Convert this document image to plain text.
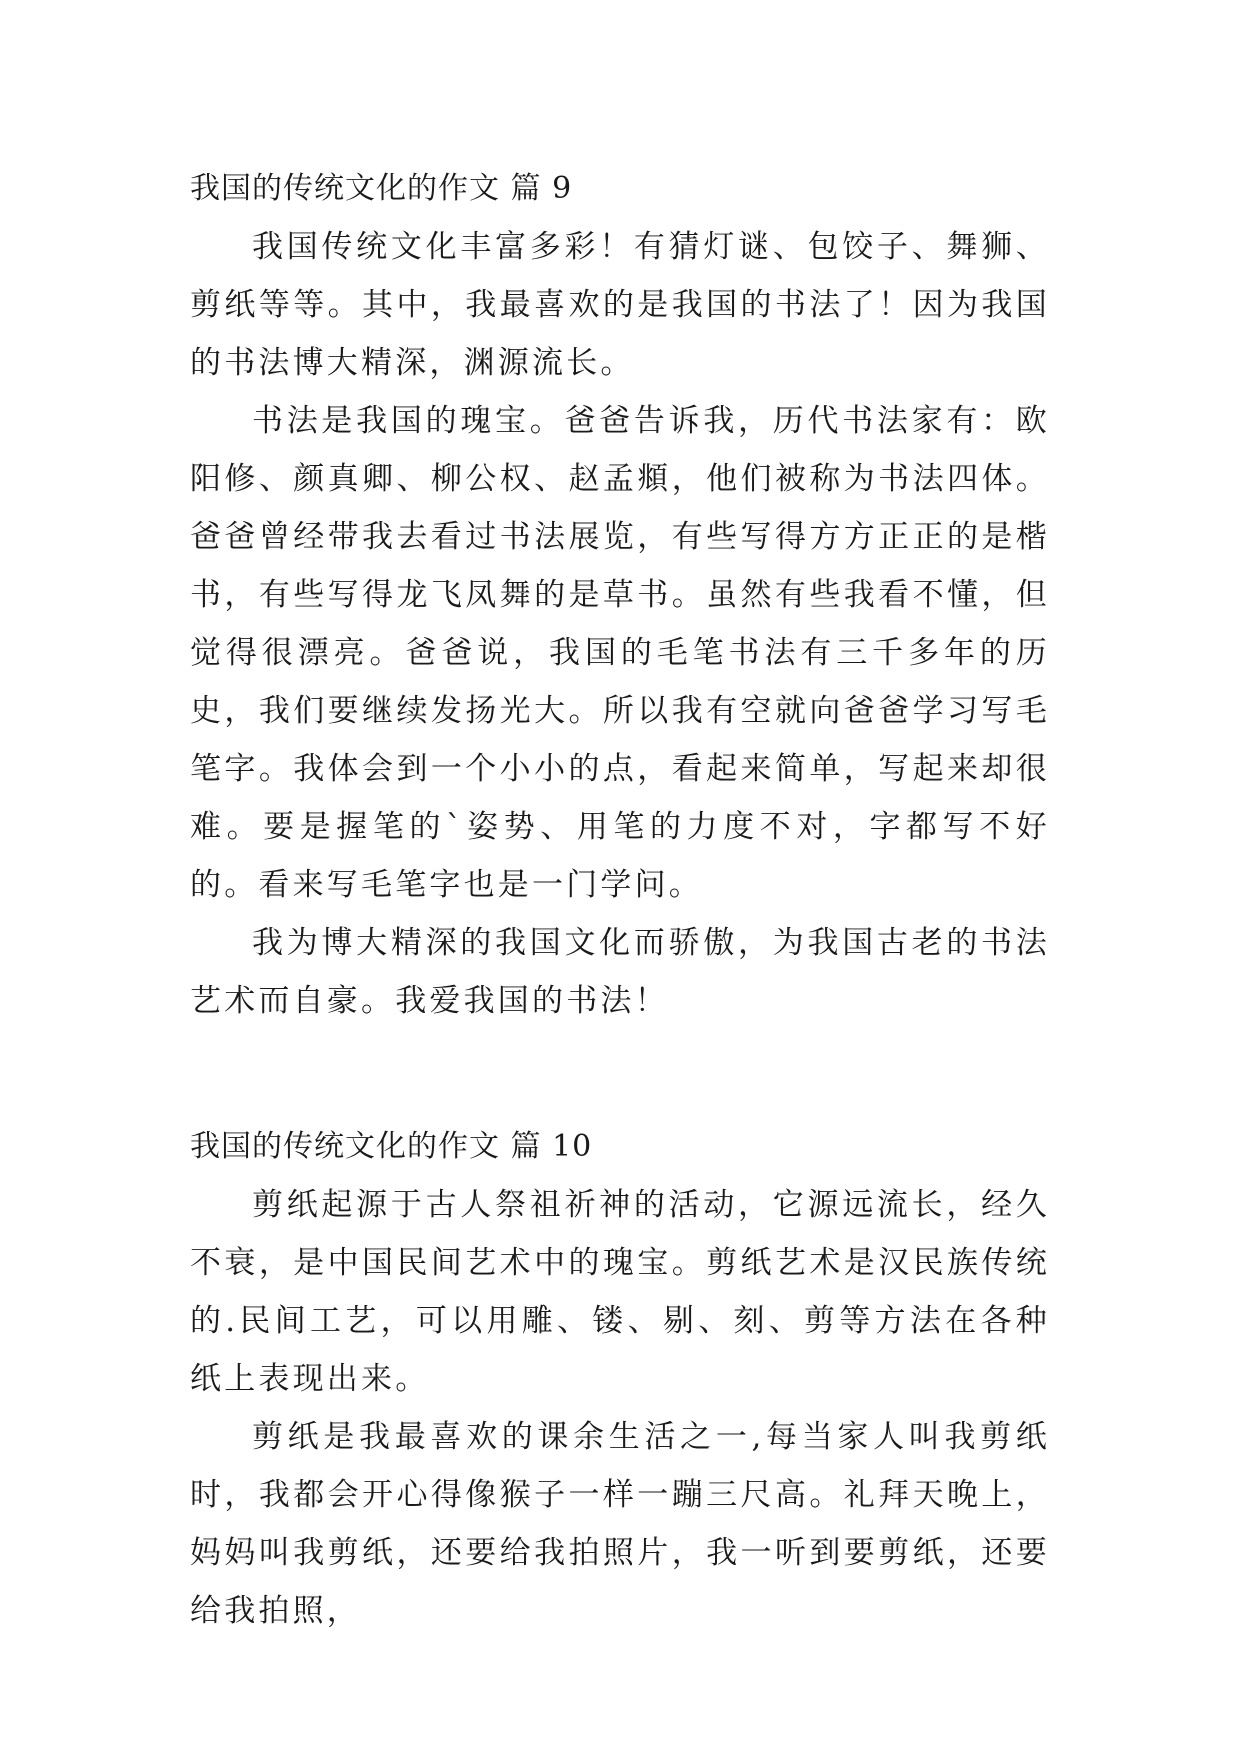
我国的传统文化的作文 篇 9

我国传统文化丰富多彩！有猜灯谜、包饺子、舞狮、剪纸等等。其中，我最喜欢的是我国的书法了！因为我国的书法博大精深，渊源流长。

书法是我国的瑰宝。爸爸告诉我，历代书法家有：欧阳修、颜真卿、柳公权、赵孟頫，他们被称为书法四体。爸爸曾经带我去看过书法展览，有些写得方方正正的是楷书，有些写得龙飞凤舞的是草书。虽然有些我看不懂，但觉得很漂亮。爸爸说，我国的毛笔书法有三千多年的历史，我们要继续发扬光大。所以我有空就向爸爸学习写毛笔字。我体会到一个小小的点，看起来简单，写起来却很难。要是握笔的`姿势、用笔的力度不对，字都写不好的。看来写毛笔字也是一门学问。

我为博大精深的我国文化而骄傲，为我国古老的书法艺术而自豪。我爱我国的书法！

我国的传统文化的作文 篇 10

剪纸起源于古人祭祖祈神的活动，它源远流长，经久不衰，是中国民间艺术中的瑰宝。剪纸艺术是汉民族传统的.民间工艺，可以用雕、镂、剔、刻、剪等方法在各种纸上表现出来。

剪纸是我最喜欢的课余生活之一,每当家人叫我剪纸时，我都会开心得像猴子一样一蹦三尺高。礼拜天晚上，妈妈叫我剪纸，还要给我拍照片，我一听到要剪纸，还要给我拍照，
